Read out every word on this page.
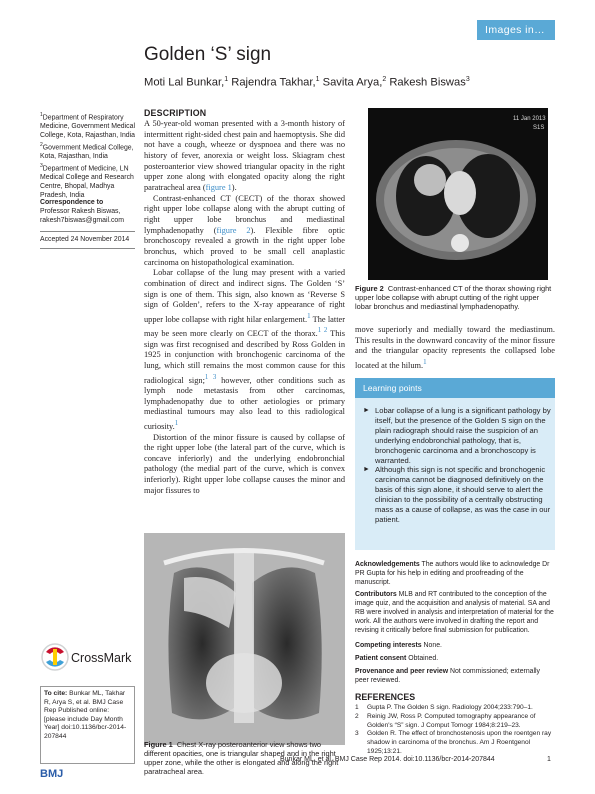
Images in…
Golden ‘S’ sign
Moti Lal Bunkar,$^1$ Rajendra Takhar,$^1$ Savita Arya,$^2$ Rakesh Biswas$^3$
$^1$Department of Respiratory Medicine, Government Medical College, Kota, Rajasthan, India
$^2$Government Medical College, Kota, Rajasthan, India
$^3$Department of Medicine, LN Medical College and Research Centre, Bhopal, Madhya Pradesh, India
Correspondence to
Professor Rakesh Biswas,
rakesh7biswas@gmail.com
Accepted 24 November 2014
CrossMark
To cite: Bunkar ML, Takhar R, Arya S, et al. BMJ Case Rep Published online: [please include Day Month Year] doi:10.1136/bcr-2014-207844
DESCRIPTION

A 50-year-old woman presented with a 3-month history of intermittent right-sided chest pain and haemoptysis. She did not have a cough, wheeze or dyspnoea and there was no history of fever, anorexia or weight loss. Skiagram chest posteroanterior view showed triangular opacity in the right upper zone along with elongated opacity along the right paratracheal area (figure 1).

Contrast-enhanced CT (CECT) of the thorax showed right upper lobe collapse along with the abrupt cutting of right upper lobe bronchus and mediastinal lymphadenopathy (figure 2). Flexible fibre optic bronchoscopy revealed a growth in the right upper lobe bronchus, which proved to be small cell anaplastic carcinoma on histopathological examination.

Lobar collapse of the lung may present with a varied combination of direct and indirect signs. The Golden ‘S’ sign is one of them. This sign, also known as ‘Reverse S sign of Golden’, refers to the X-ray appearance of right upper lobe collapse with right hilar enlargement.$^1$ The latter may be seen more clearly on CECT of the thorax.$^{1 2}$ This sign was first recognised and described by Ross Golden in 1925 in conjunction with bronchogenic carcinoma of the lung, which still remains the most common cause for this radiological sign;$^{1 3}$ however, other conditions such as lymph node metastasis from other carcinomas, lymphadenopathy due to other aetiologies or primary mediastinal tumours may also lead to this radiological curiosity.$^1$

Distortion of the minor fissure is caused by collapse of the right upper lobe (the lateral part of the curve, which is concave inferiorly) and the underlying endobronchial pathology (the medial part of the curve, which is convex inferiorly). Right upper lobe collapse causes the minor and major fissures to

11 Jan 2013
S1S
Figure 2 Contrast-enhanced CT of the thorax showing right upper lobe collapse with abrupt cutting of the right upper lobar bronchus and mediastinal lymphadenopathy.
move superiorly and medially toward the mediastinum. This results in the downward concavity of the minor fissure and the triangular opacity represents the collapsed lobe located at the hilum.$^1$
Learning points
► Lobar collapse of a lung is a significant pathology by itself, but the presence of the Golden S sign on the plain radiograph should raise the suspicion of an underlying endobronchial pathology, that is, bronchogenic carcinoma and a bronchoscopy is warranted.
► Although this sign is not specific and bronchogenic carcinoma cannot be diagnosed definitively on the basis of this sign alone, it should serve to alert the clinician to the possibility of a centrally obstructing mass as a cause of collapse, as was the case in our patient.
Figure 1 Chest X-ray posteroanterior view shows two different opacities, one is triangular shaped and in the right upper zone, while the other is elongated and along the right paratracheal area.
Acknowledgements The authors would like to acknowledge Dr PR Gupta for his help in editing and proofreading of the manuscript.
Contributors MLB and RT contributed to the conception of the image quiz, and the acquisition and analysis of material. SA and RB were involved in analysis and interpretation of material for the work. All the authors were involved in drafting the report and revising it critically before final submission for publication.
Competing interests None.
Patient consent Obtained.
Provenance and peer review Not commissioned; externally peer reviewed.
REFERENCES
1	Gupta P. The Golden S sign. Radiology 2004;233:790–1.
2	Reinig JW, Ross P. Computed tomography appearance of Golden's “S” sign. J Comput Tomogr 1984;8:219–23.
3	Golden R. The effect of bronchostenosis upon the roentgen ray shadow in carcinoma of the bronchus. Am J Roentgenol 1925;13:21.
Bunkar ML, et al. BMJ Case Rep 2014. doi:10.1136/bcr-2014-207844	1
BMJ
